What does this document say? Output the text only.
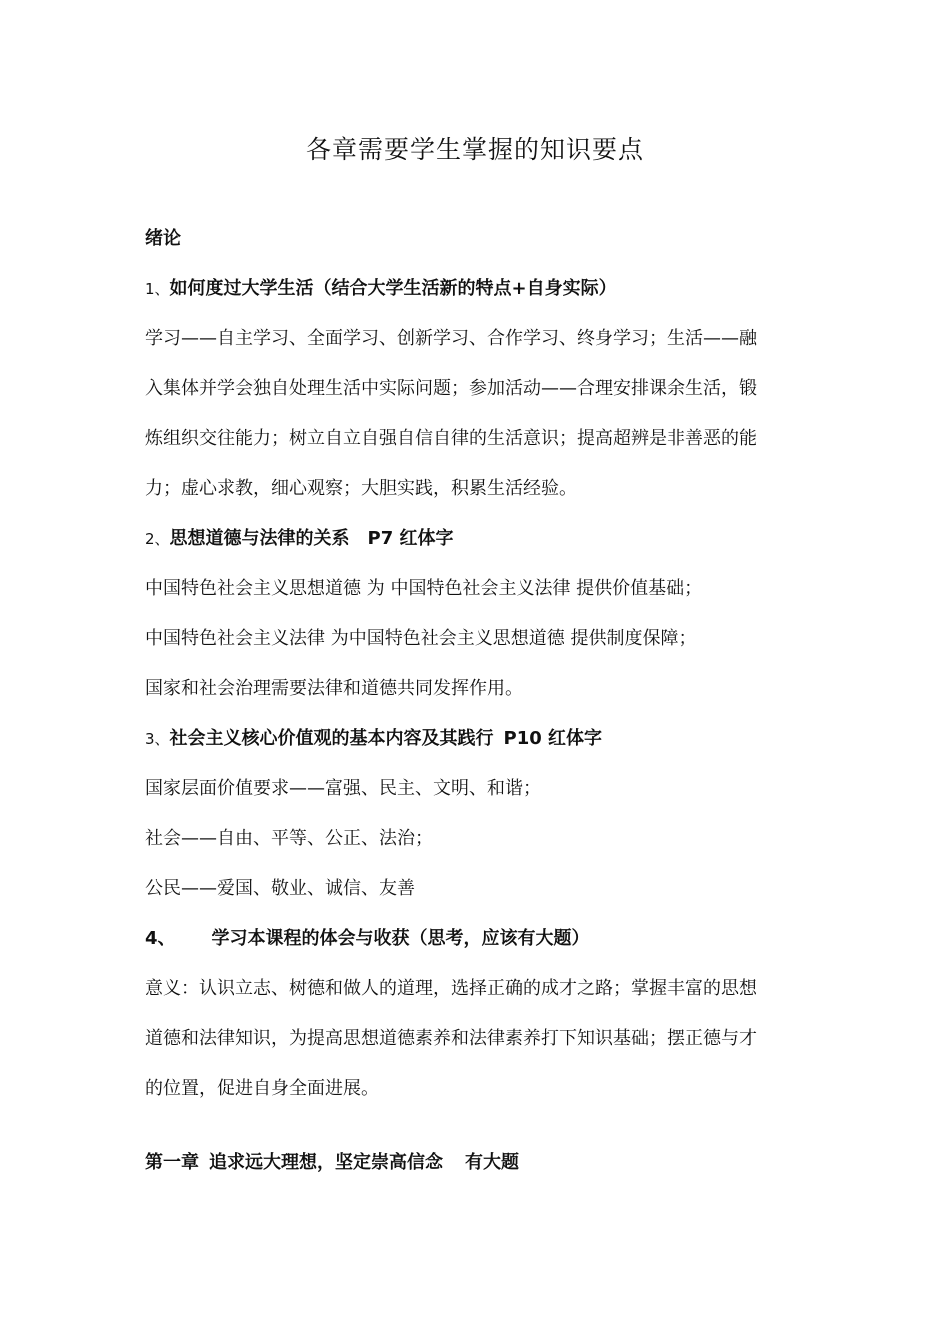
各章需要学生掌握的知识要点
绪论
1、如何度过大学生活（结合大学生活新的特点+自身实际）
学习——自主学习、全面学习、创新学习、合作学习、终身学习；生活——融
入集体并学会独自处理生活中实际问题；参加活动——合理安排课余生活，锻
炼组织交往能力；树立自立自强自信自律的生活意识；提高超辨是非善恶的能
力；虚心求教，细心观察；大胆实践，积累生活经验。
2、思想道德与法律的关系 P7 红体字
中国特色社会主义思想道德 为 中国特色社会主义法律 提供价值基础；
中国特色社会主义法律 为中国特色社会主义思想道德 提供制度保障；
国家和社会治理需要法律和道德共同发挥作用。
3、社会主义核心价值观的基本内容及其践行 P10 红体字
国家层面价值要求——富强、民主、文明、和谐；
社会——自由、平等、公正、法治；
公民——爱国、敬业、诚信、友善
4、 学习本课程的体会与收获（思考，应该有大题）
意义：认识立志、树德和做人的道理，选择正确的成才之路；掌握丰富的思想
道德和法律知识，为提高思想道德素养和法律素养打下知识基础；摆正德与才
的位置，促进自身全面进展。
第一章 追求远大理想，坚定崇高信念 有大题
